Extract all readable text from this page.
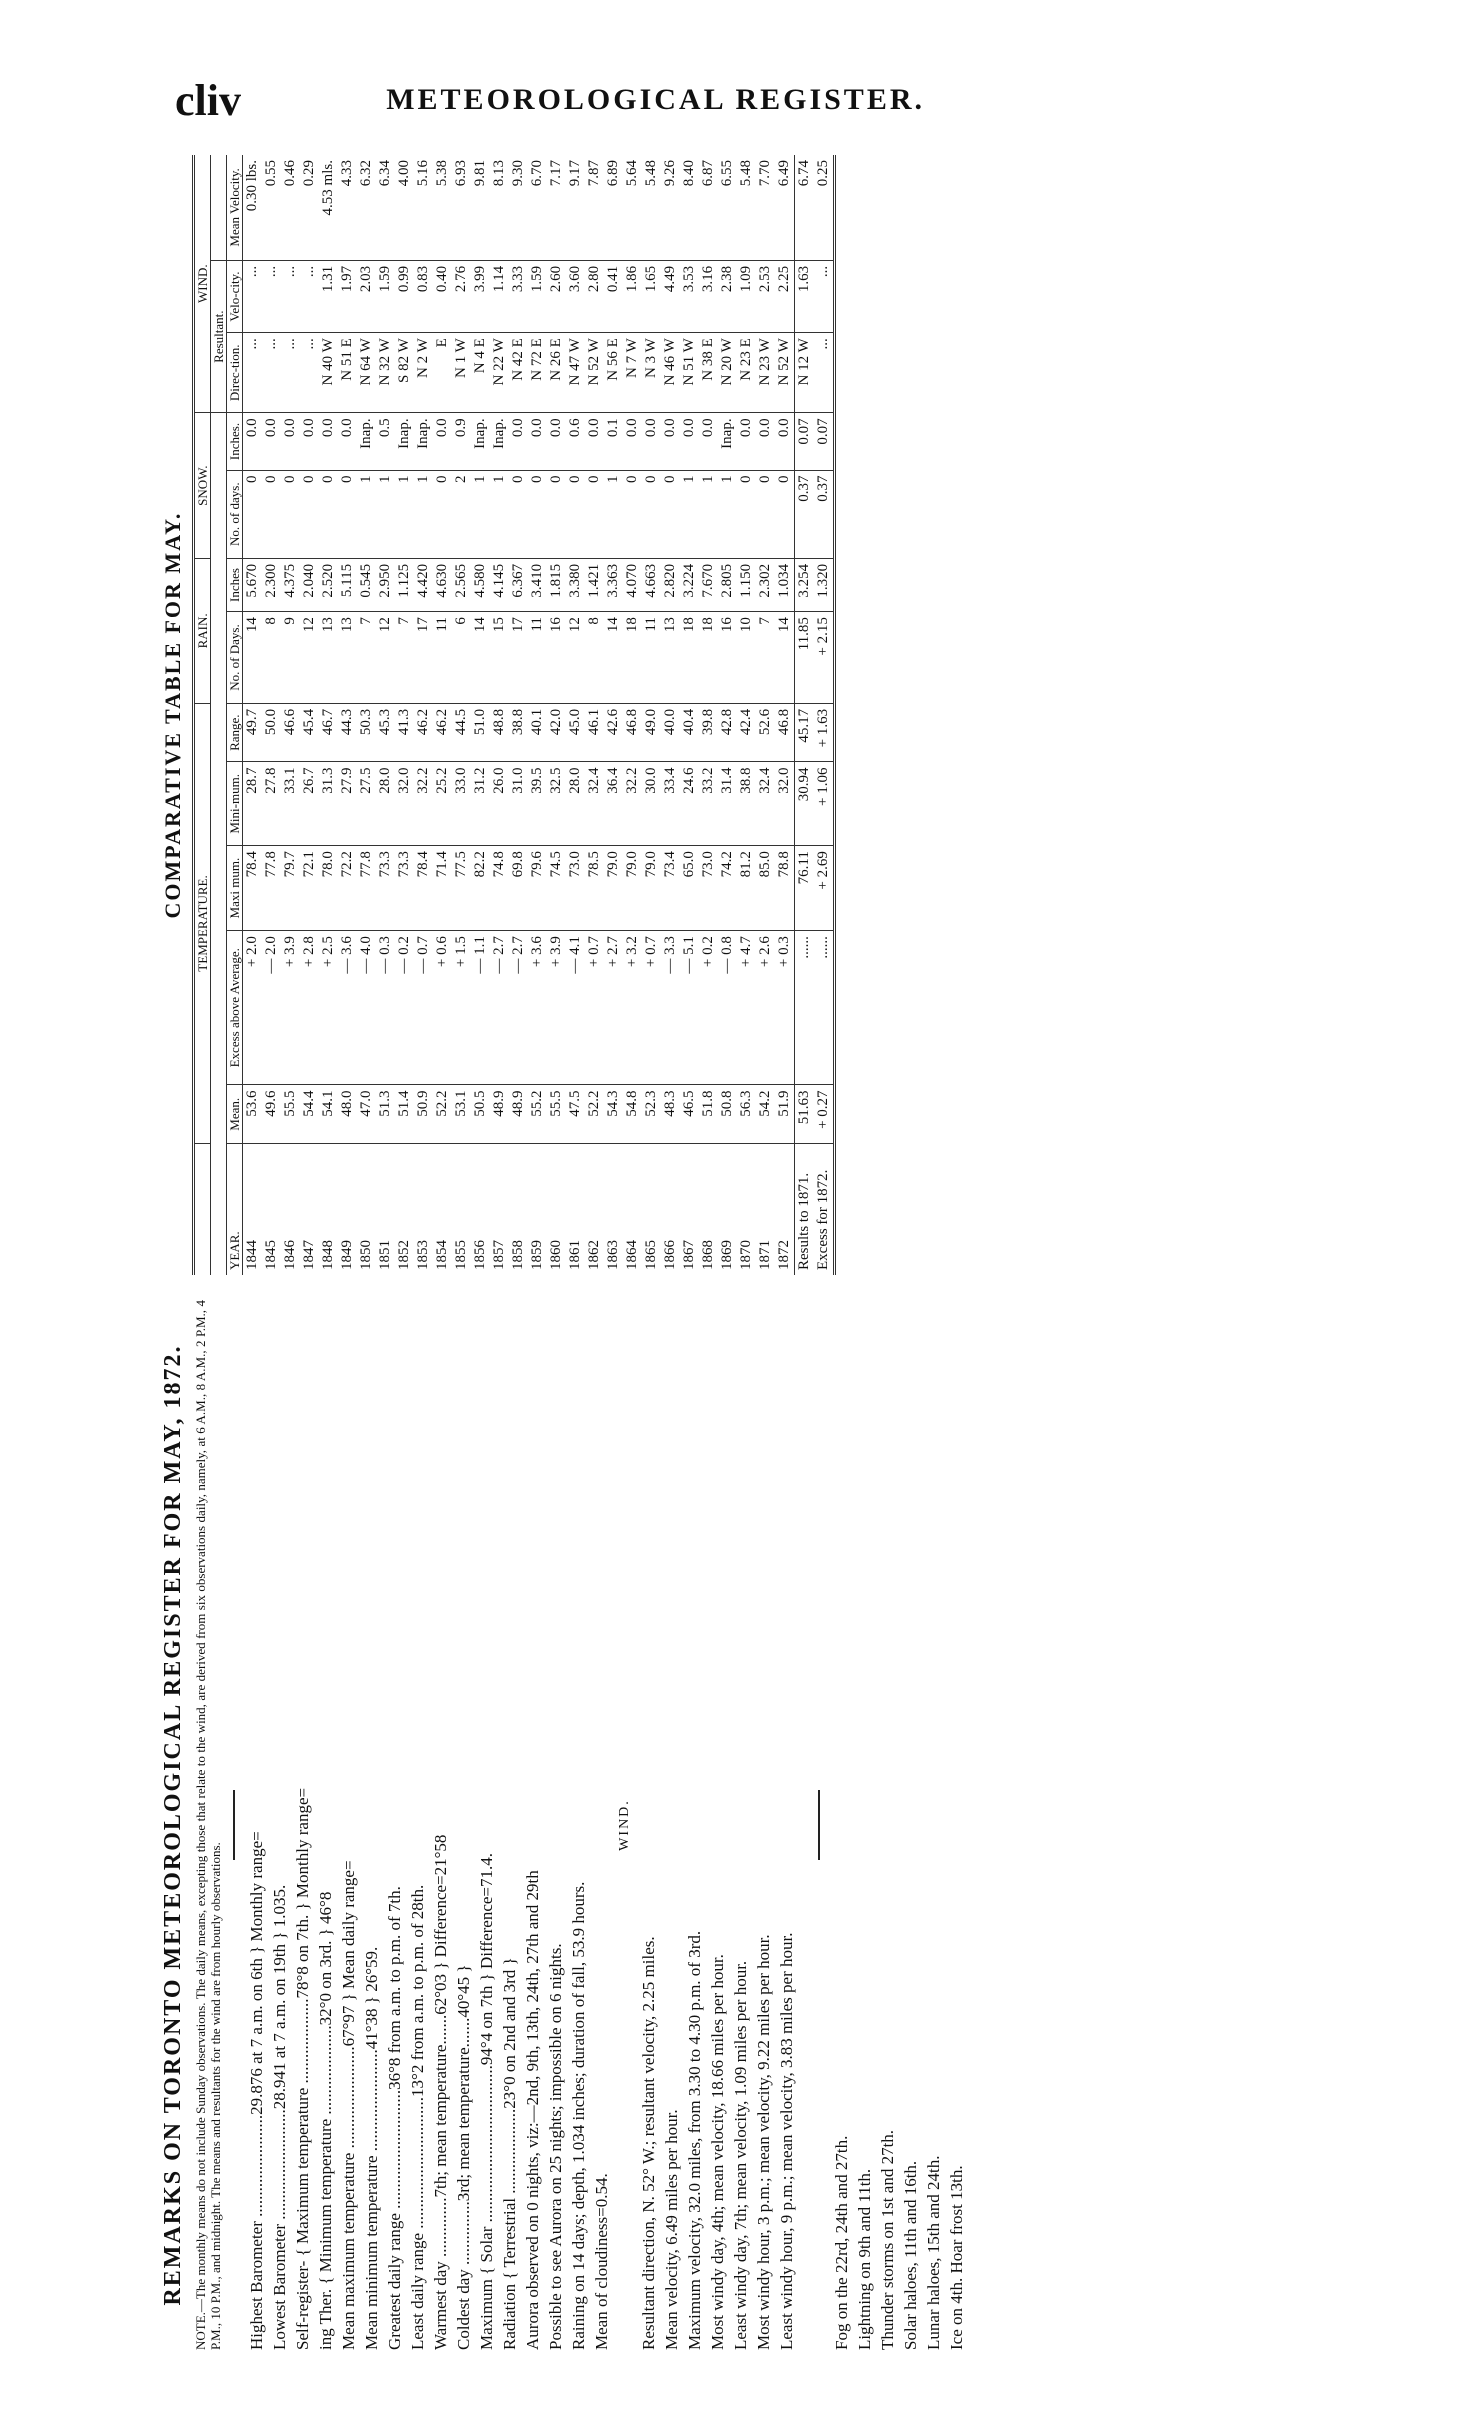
cliv	METEOROLOGICAL REGISTER.
REMARKS ON TORONTO METEOROLOGICAL REGISTER FOR MAY, 1872. NOTE.—The monthly means do not include Sunday observations. The daily means, excepting those that relate to the wind, are derived from six observations daily, namely, at 6 A.M., 8 A.M., 2 P.M., 4 P.M., 10 P.M., and midnight. The means and resultants for the wind are from hourly observations. Highest Barometer ........................29.876 at 7 a.m. on 6th } Monthly range= Lowest Barometer ..........................28.941 at 7 a.m. on 19th } 1.035. Self-register- { Maximum temperature ....................78°8 on 7th. } Monthly range= ing Ther. { Minimum temperature .....................32°0 on 3rd. } 46°8 Mean maximum temperature ........................67°97 } Mean daily range= Mean minimum temperature ........................41°38 } 26°59. Greatest daily range ............................36°8 from a.m. to p.m. of 7th. Least daily range ...............................13°2 from a.m. to p.m. of 28th. Warmest day ..............7th; mean temperature.......62°03 } Difference=21°58 Coldest day ...............3rd; mean temperature.......40°45 } Maximum { Solar .....................................94°4 on 7th } Difference=71.4. Radiation { Terrestrial ....................23°0 on 2nd and 3rd } Aurora observed on 0 nights, viz:—2nd, 9th, 13th, 24th, 27th and 29th Possible to see Aurora on 25 nights; impossible on 6 nights. Raining on 14 days; depth, 1.034 inches; duration of fall, 53.9 hours. Mean of cloudiness=0.54.
WIND.
Resultant direction, N. 52° W.; resultant velocity, 2.25 miles. Mean velocity, 6.49 miles per hour. Maximum velocity, 32.0 miles, from 3.30 to 4.30 p.m. of 3rd. Most windy day, 4th; mean velocity, 18.66 miles per hour. Least windy day, 7th; mean velocity, 1.09 miles per hour. Most windy hour, 3 p.m.; mean velocity, 9.22 miles per hour. Least windy hour, 9 p.m.; mean velocity, 3.83 miles per hour. Fog on the 22rd, 24th and 27th. Lightning on 9th and 11th. Thunder storms on 1st and 27th. Solar haloes, 11th and 16th. Lunar haloes, 15th and 24th. Ice on 4th. Hoar frost 13th.
COMPARATIVE TABLE FOR MAY.
	TEMPERATURE.					RAIN.		SNOW.		WIND.		
										Resultant.		
YEAR.	Mean.	Excess above Average.	Maxi mum.	Mini-mum.	Range.	No. of Days.	Inches	No. of days.	Inches.	Direc-tion.	Velo-city.	Mean Velocity.
1844	53.6	+ 2.0	78.4	28.7	49.7	14	5.670	0	0.0	...	...	0.30 lbs.
1845	49.6	— 2.0	77.8	27.8	50.0	8	2.300	0	0.0	...	...	0.55
1846	55.5	+ 3.9	79.7	33.1	46.6	9	4.375	0	0.0	...	...	0.46
1847	54.4	+ 2.8	72.1	26.7	45.4	12	2.040	0	0.0	...	...	0.29
1848	54.1	+ 2.5	78.0	31.3	46.7	13	2.520	0	0.0	N 40 W	1.31	4.53 mls.
1849	48.0	— 3.6	72.2	27.9	44.3	13	5.115	0	0.0	N 51 E	1.97	4.33
1850	47.0	— 4.0	77.8	27.5	50.3	7	0.545	1	Inap.	N 64 W	2.03	6.32
1851	51.3	— 0.3	73.3	28.0	45.3	12	2.950	1	0.5	N 32 W	1.59	6.34
1852	51.4	— 0.2	73.3	32.0	41.3	7	1.125	1	Inap.	S 82 W	0.99	4.00
1853	50.9	— 0.7	78.4	32.2	46.2	17	4.420	1	Inap.	N 2 W	0.83	5.16
1854	52.2	+ 0.6	71.4	25.2	46.2	11	4.630	0	0.0	E	0.40	5.38
1855	53.1	+ 1.5	77.5	33.0	44.5	6	2.565	2	0.9	N 1 W	2.76	6.93
1856	50.5	— 1.1	82.2	31.2	51.0	14	4.580	1	Inap.	N 4 E	3.99	9.81
1857	48.9	— 2.7	74.8	26.0	48.8	15	4.145	1	Inap.	N 22 W	1.14	8.13
1858	48.9	— 2.7	69.8	31.0	38.8	17	6.367	0	0.0	N 42 E	3.33	9.30
1859	55.2	+ 3.6	79.6	39.5	40.1	11	3.410	0	0.0	N 72 E	1.59	6.70
1860	55.5	+ 3.9	74.5	32.5	42.0	16	1.815	0	0.0	N 26 E	2.60	7.17
1861	47.5	— 4.1	73.0	28.0	45.0	12	3.380	0	0.6	N 47 W	3.60	9.17
1862	52.2	+ 0.7	78.5	32.4	46.1	8	1.421	0	0.0	N 52 W	2.80	7.87
1863	54.3	+ 2.7	79.0	36.4	42.6	14	3.363	1	0.1	N 56 E	0.41	6.89
1864	54.8	+ 3.2	79.0	32.2	46.8	18	4.070	0	0.0	N 7 W	1.86	5.64
1865	52.3	+ 0.7	79.0	30.0	49.0	11	4.663	0	0.0	N 3 W	1.65	5.48
1866	48.3	— 3.3	73.4	33.4	40.0	13	2.820	0	0.0	N 46 W	4.49	9.26
1867	46.5	— 5.1	65.0	24.6	40.4	18	3.224	1	0.0	N 51 W	3.53	8.40
1868	51.8	+ 0.2	73.0	33.2	39.8	18	7.670	1	0.0	N 38 E	3.16	6.87
1869	50.8	— 0.8	74.2	31.4	42.8	16	2.805	1	Inap.	N 20 W	2.38	6.55
1870	56.3	+ 4.7	81.2	38.8	42.4	10	1.150	0	0.0	N 23 E	1.09	5.48
1871	54.2	+ 2.6	85.0	32.4	52.6	7	2.302	0	0.0	N 23 W	2.53	7.70
1872	51.9	+ 0.3	78.8	32.0	46.8	14	1.034	0	0.0	N 52 W	2.25	6.49
Results to 1871.	51.63	......	76.11	30.94	45.17	11.85	3.254	0.37	0.07	N 12 W	1.63	6.74
Excess for 1872.	+ 0.27	......	+ 2.69	+ 1.06	+ 1.63	+ 2.15	1.320	0.37	0.07	...	...	0.25
